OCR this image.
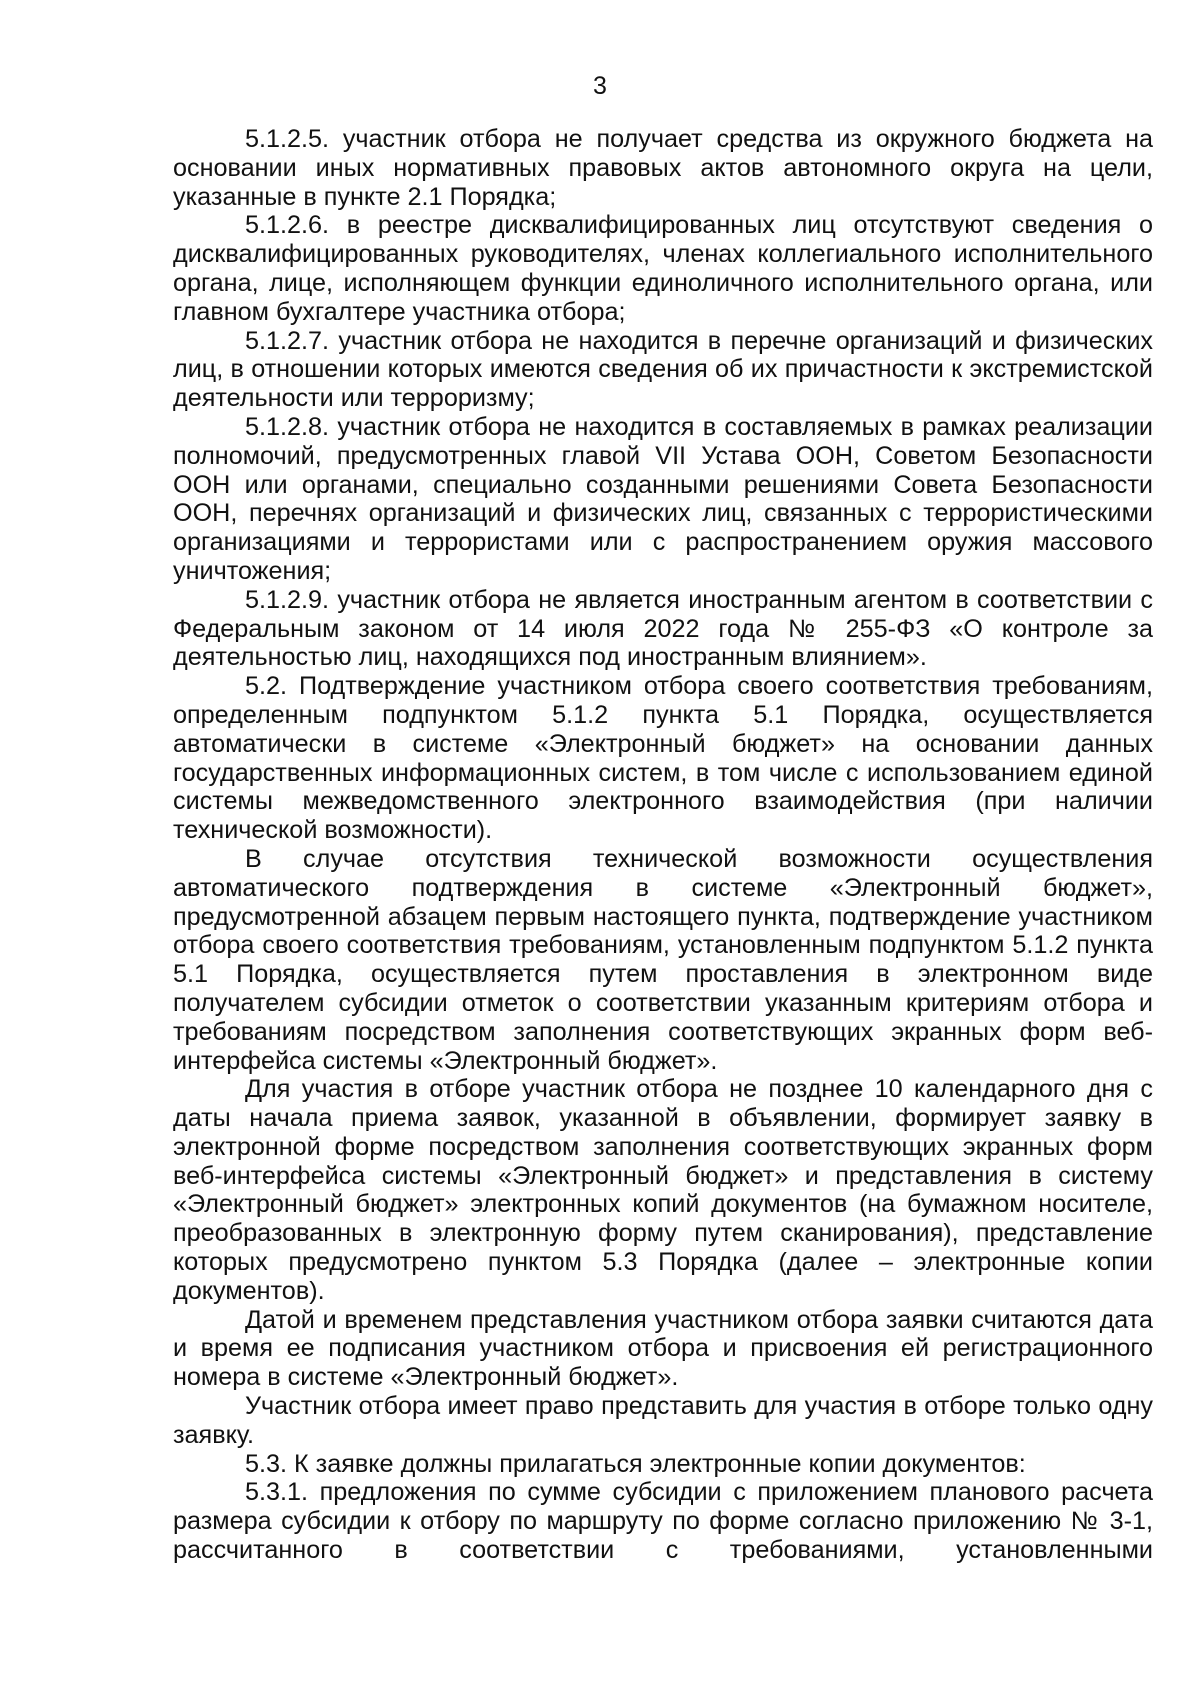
3

5.1.2.5. участник отбора не получает средства из окружного бюджета на основании иных нормативных правовых актов автономного округа на цели, указанные в пункте 2.1 Порядка;

5.1.2.6. в реестре дисквалифицированных лиц отсутствуют сведения о дисквалифицированных руководителях, членах коллегиального исполнительного органа, лице, исполняющем функции единоличного исполнительного органа, или главном бухгалтере участника отбора;

5.1.2.7. участник отбора не находится в перечне организаций и физических лиц, в отношении которых имеются сведения об их причастности к экстремистской деятельности или терроризму;

5.1.2.8. участник отбора не находится в составляемых в рамках реализации полномочий, предусмотренных главой VII Устава ООН, Советом Безопасности ООН или органами, специально созданными решениями Совета Безопасности ООН, перечнях организаций и физических лиц, связанных с террористическими организациями и террористами или с распространением оружия массового уничтожения;

5.1.2.9. участник отбора не является иностранным агентом в соответствии с Федеральным законом от 14 июля 2022 года № 255-ФЗ «О контроле за деятельностью лиц, находящихся под иностранным влиянием».

5.2. Подтверждение участником отбора своего соответствия требованиям, определенным подпунктом 5.1.2 пункта 5.1 Порядка, осуществляется автоматически в системе «Электронный бюджет» на основании данных государственных информационных систем, в том числе с использованием единой системы межведомственного электронного взаимодействия (при наличии технической возможности).

В случае отсутствия технической возможности осуществления автоматического подтверждения в системе «Электронный бюджет», предусмотренной абзацем первым настоящего пункта, подтверждение участником отбора своего соответствия требованиям, установленным подпунктом 5.1.2 пункта 5.1 Порядка, осуществляется путем проставления в электронном виде получателем субсидии отметок о соответствии указанным критериям отбора и требованиям посредством заполнения соответствующих экранных форм веб-интерфейса системы «Электронный бюджет».

Для участия в отборе участник отбора не позднее 10 календарного дня с даты начала приема заявок, указанной в объявлении, формирует заявку в электронной форме посредством заполнения соответствующих экранных форм веб-интерфейса системы «Электронный бюджет» и представления в систему «Электронный бюджет» электронных копий документов (на бумажном носителе, преобразованных в электронную форму путем сканирования), представление которых предусмотрено пунктом 5.3 Порядка (далее – электронные копии документов).

Датой и временем представления участником отбора заявки считаются дата и время ее подписания участником отбора и присвоения ей регистрационного номера в системе «Электронный бюджет».

Участник отбора имеет право представить для участия в отборе только одну заявку.

5.3. К заявке должны прилагаться электронные копии документов:

5.3.1. предложения по сумме субсидии с приложением планового расчета размера субсидии к отбору по маршруту по форме согласно приложению № 3-1, рассчитанного в соответствии с требованиями, установленными
